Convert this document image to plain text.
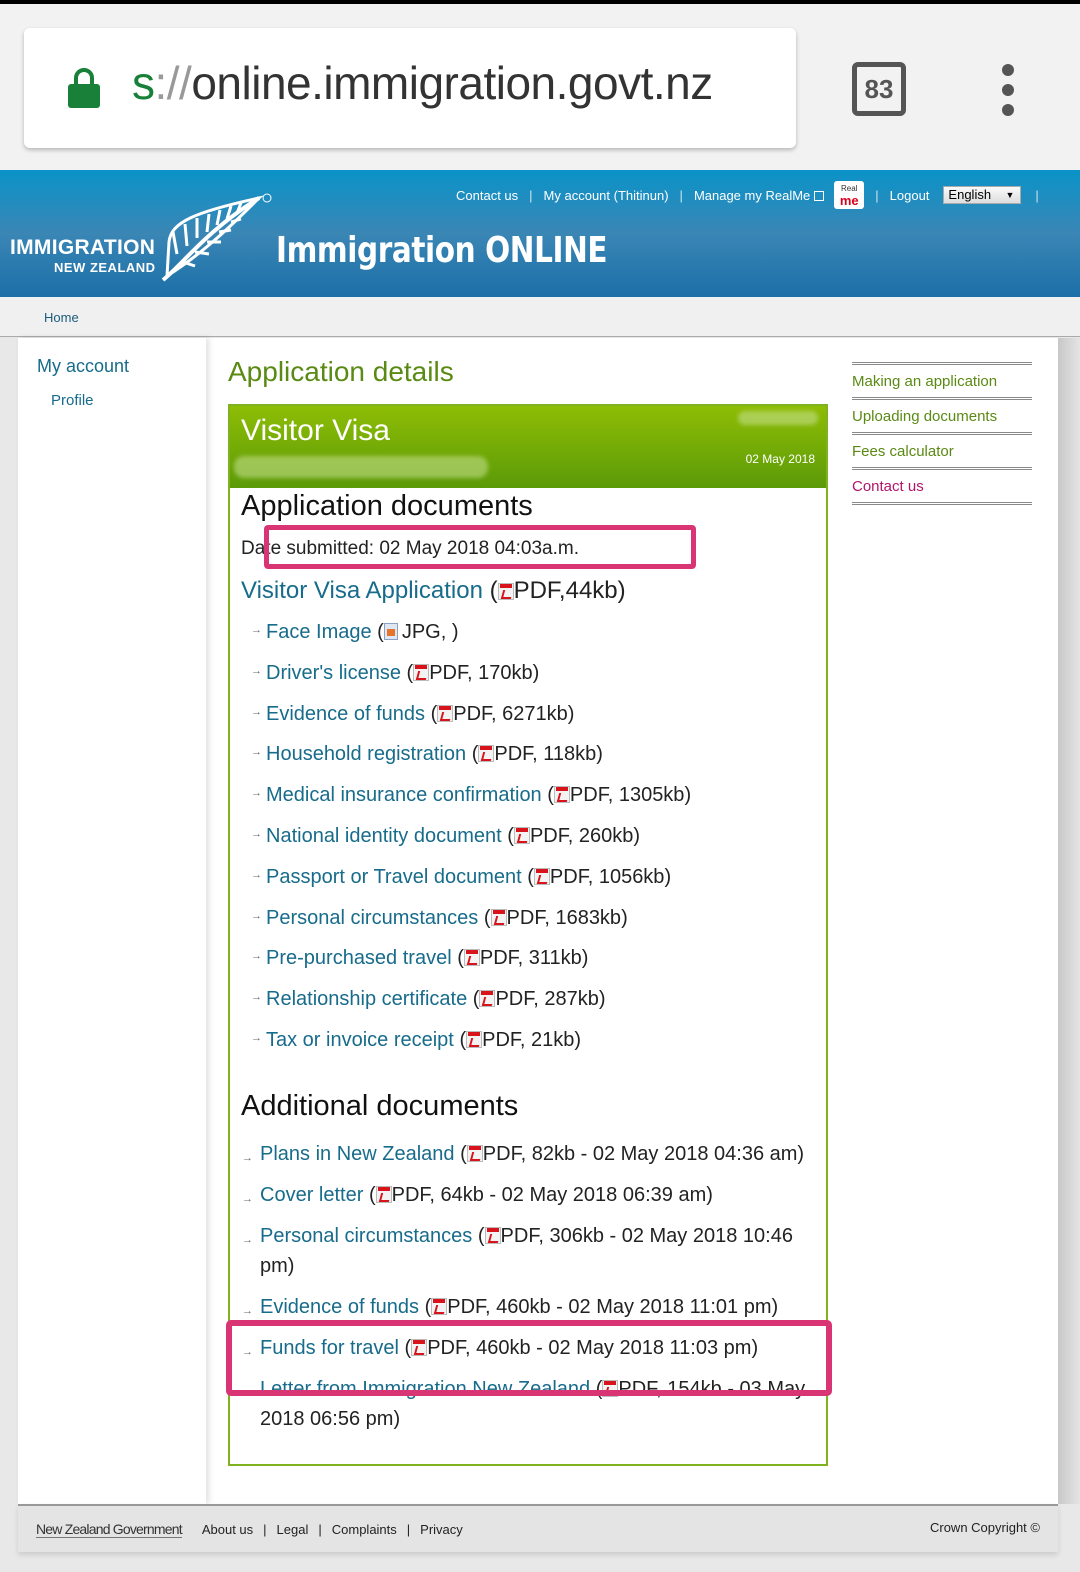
s://online.immigration.govt.nz	83
IMMIGRATION
NEW ZEALAND	Immigration ONLINE
Contact us | My account (Thitinun) | Manage my RealMe	Real
me	| Logout	English ▼ |
Home
My account
Profile
Application details
Visitor Visa
02 May 2018
Application documents
Date submitted: 02 May 2018 04:03a.m.
Visitor Visa Application ( PDF,44kb)
→ Face Image ( JPG, )
→ Driver's license ( PDF, 170kb)
→ Evidence of funds ( PDF, 6271kb)
→ Household registration ( PDF, 118kb)
→ Medical insurance confirmation ( PDF, 1305kb)
→ National identity document ( PDF, 260kb)
→ Passport or Travel document ( PDF, 1056kb)
→ Personal circumstances ( PDF, 1683kb)
→ Pre-purchased travel ( PDF, 311kb)
→ Relationship certificate ( PDF, 287kb)
→ Tax or invoice receipt ( PDF, 21kb)
Additional documents
→ Plans in New Zealand ( PDF, 82kb - 02 May 2018 04:36 am)
→ Cover letter ( PDF, 64kb - 02 May 2018 06:39 am)
→ Personal circumstances ( PDF, 306kb - 02 May 2018 10:46 pm)
→ Evidence of funds ( PDF, 460kb - 02 May 2018 11:01 pm)
→ Funds for travel ( PDF, 460kb - 02 May 2018 11:03 pm)
→ Letter from Immigration New Zealand ( PDF, 154kb - 03 May 2018 06:56 pm)
Making an application
Uploading documents
Fees calculator
Contact us
New Zealand Government About us | Legal | Complaints | Privacy	Crown Copyright ©
